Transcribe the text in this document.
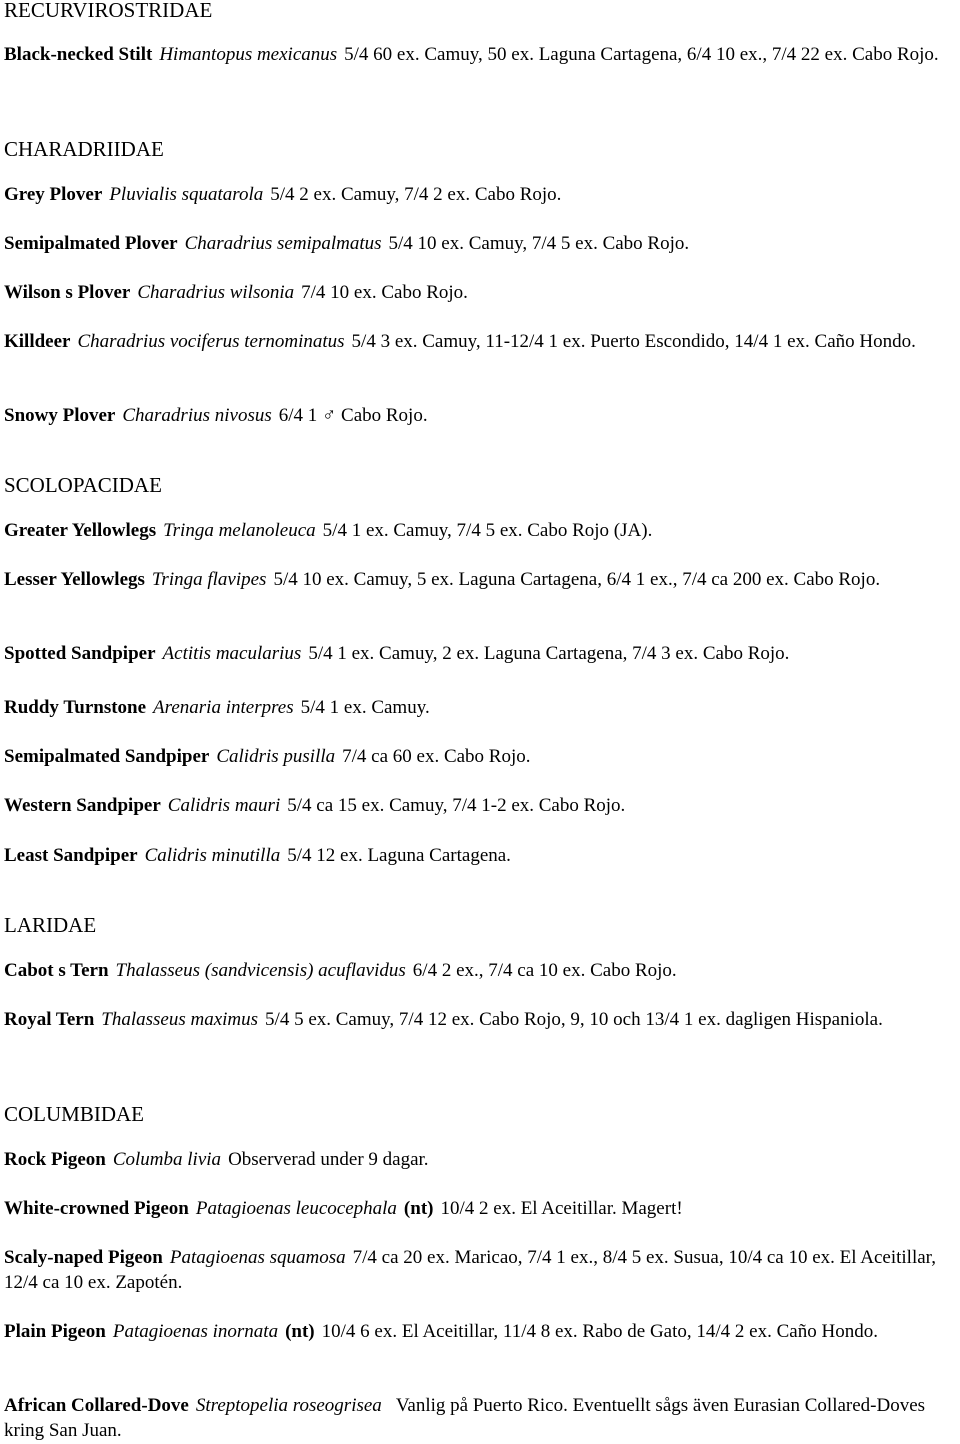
RECURVIROSTRIDAE

Black-necked Stilt Himantopus mexicanus 5/4 60 ex. Camuy, 50 ex. Laguna Cartagena, 6/4 10 ex., 7/4 22 ex. Cabo Rojo.

CHARADRIIDAE

Grey Plover Pluvialis squatarola 5/4 2 ex. Camuy, 7/4 2 ex. Cabo Rojo.

Semipalmated Plover Charadrius semipalmatus 5/4 10 ex. Camuy, 7/4 5 ex. Cabo Rojo.

Wilson s Plover Charadrius wilsonia 7/4 10 ex. Cabo Rojo.

Killdeer Charadrius vociferus ternominatus 5/4 3 ex. Camuy, 11-12/4 1 ex. Puerto Escondido, 14/4 1 ex. Caño Hondo.

Snowy Plover Charadrius nivosus 6/4 1 ♂ Cabo Rojo.

SCOLOPACIDAE

Greater Yellowlegs Tringa melanoleuca 5/4 1 ex. Camuy, 7/4 5 ex. Cabo Rojo (JA).

Lesser Yellowlegs Tringa flavipes 5/4 10 ex. Camuy, 5 ex. Laguna Cartagena, 6/4 1 ex., 7/4 ca 200 ex. Cabo Rojo.

Spotted Sandpiper Actitis macularius 5/4 1 ex. Camuy, 2 ex. Laguna Cartagena, 7/4 3 ex. Cabo Rojo.

Ruddy Turnstone Arenaria interpres 5/4 1 ex. Camuy.

Semipalmated Sandpiper Calidris pusilla 7/4 ca 60 ex. Cabo Rojo.

Western Sandpiper Calidris mauri 5/4 ca 15 ex. Camuy, 7/4 1-2 ex. Cabo Rojo.

Least Sandpiper Calidris minutilla 5/4 12 ex. Laguna Cartagena.

LARIDAE

Cabot s Tern Thalasseus (sandvicensis) acuflavidus 6/4 2 ex., 7/4 ca 10 ex. Cabo Rojo.

Royal Tern Thalasseus maximus 5/4 5 ex. Camuy, 7/4 12 ex. Cabo Rojo, 9, 10 och 13/4 1 ex. dagligen Hispaniola.

COLUMBIDAE

Rock Pigeon Columba livia Observerad under 9 dagar.

White-crowned Pigeon Patagioenas leucocephala (nt) 10/4 2 ex. El Aceitillar. Magert!

Scaly-naped Pigeon Patagioenas squamosa 7/4 ca 20 ex. Maricao, 7/4 1 ex., 8/4 5 ex. Susua, 10/4 ca 10 ex. El Aceitillar, 12/4 ca 10 ex. Zapotén.

Plain Pigeon Patagioenas inornata (nt) 10/4 6 ex. El Aceitillar, 11/4 8 ex. Rabo de Gato, 14/4 2 ex. Caño Hondo.

African Collared-Dove Streptopelia roseogrisea Vanlig på Puerto Rico. Eventuellt sågs även Eurasian Collared-Doves kring San Juan.
